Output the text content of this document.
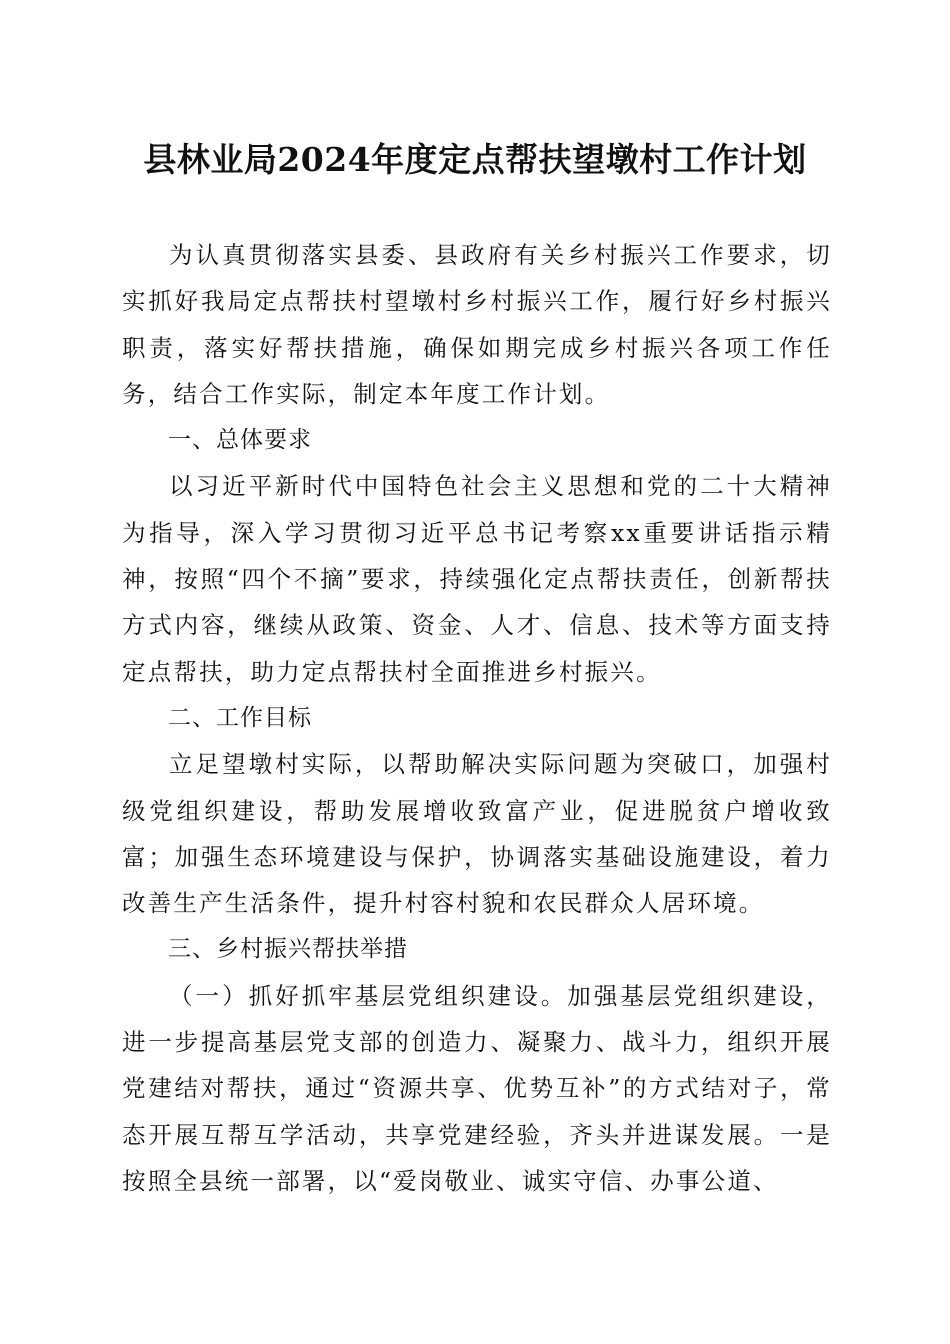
县林业局2024年度定点帮扶望墩村工作计划

为认真贯彻落实县委、县政府有关乡村振兴工作要求，切实抓好我局定点帮扶村望墩村乡村振兴工作，履行好乡村振兴职责，落实好帮扶措施，确保如期完成乡村振兴各项工作任务，结合工作实际，制定本年度工作计划。

一、总体要求

以习近平新时代中国特色社会主义思想和党的二十大精神为指导，深入学习贯彻习近平总书记考察xx重要讲话指示精神，按照“四个不摘”要求，持续强化定点帮扶责任，创新帮扶方式内容，继续从政策、资金、人才、信息、技术等方面支持定点帮扶，助力定点帮扶村全面推进乡村振兴。

二、工作目标

立足望墩村实际，以帮助解决实际问题为突破口，加强村级党组织建设，帮助发展增收致富产业，促进脱贫户增收致富；加强生态环境建设与保护，协调落实基础设施建设，着力改善生产生活条件，提升村容村貌和农民群众人居环境。

三、乡村振兴帮扶举措

（一）抓好抓牢基层党组织建设。加强基层党组织建设，进一步提高基层党支部的创造力、凝聚力、战斗力，组织开展党建结对帮扶，通过“资源共享、优势互补”的方式结对子，常态开展互帮互学活动，共享党建经验，齐头并进谋发展。一是按照全县统一部署，以“爱岗敬业、诚实守信、办事公道、
